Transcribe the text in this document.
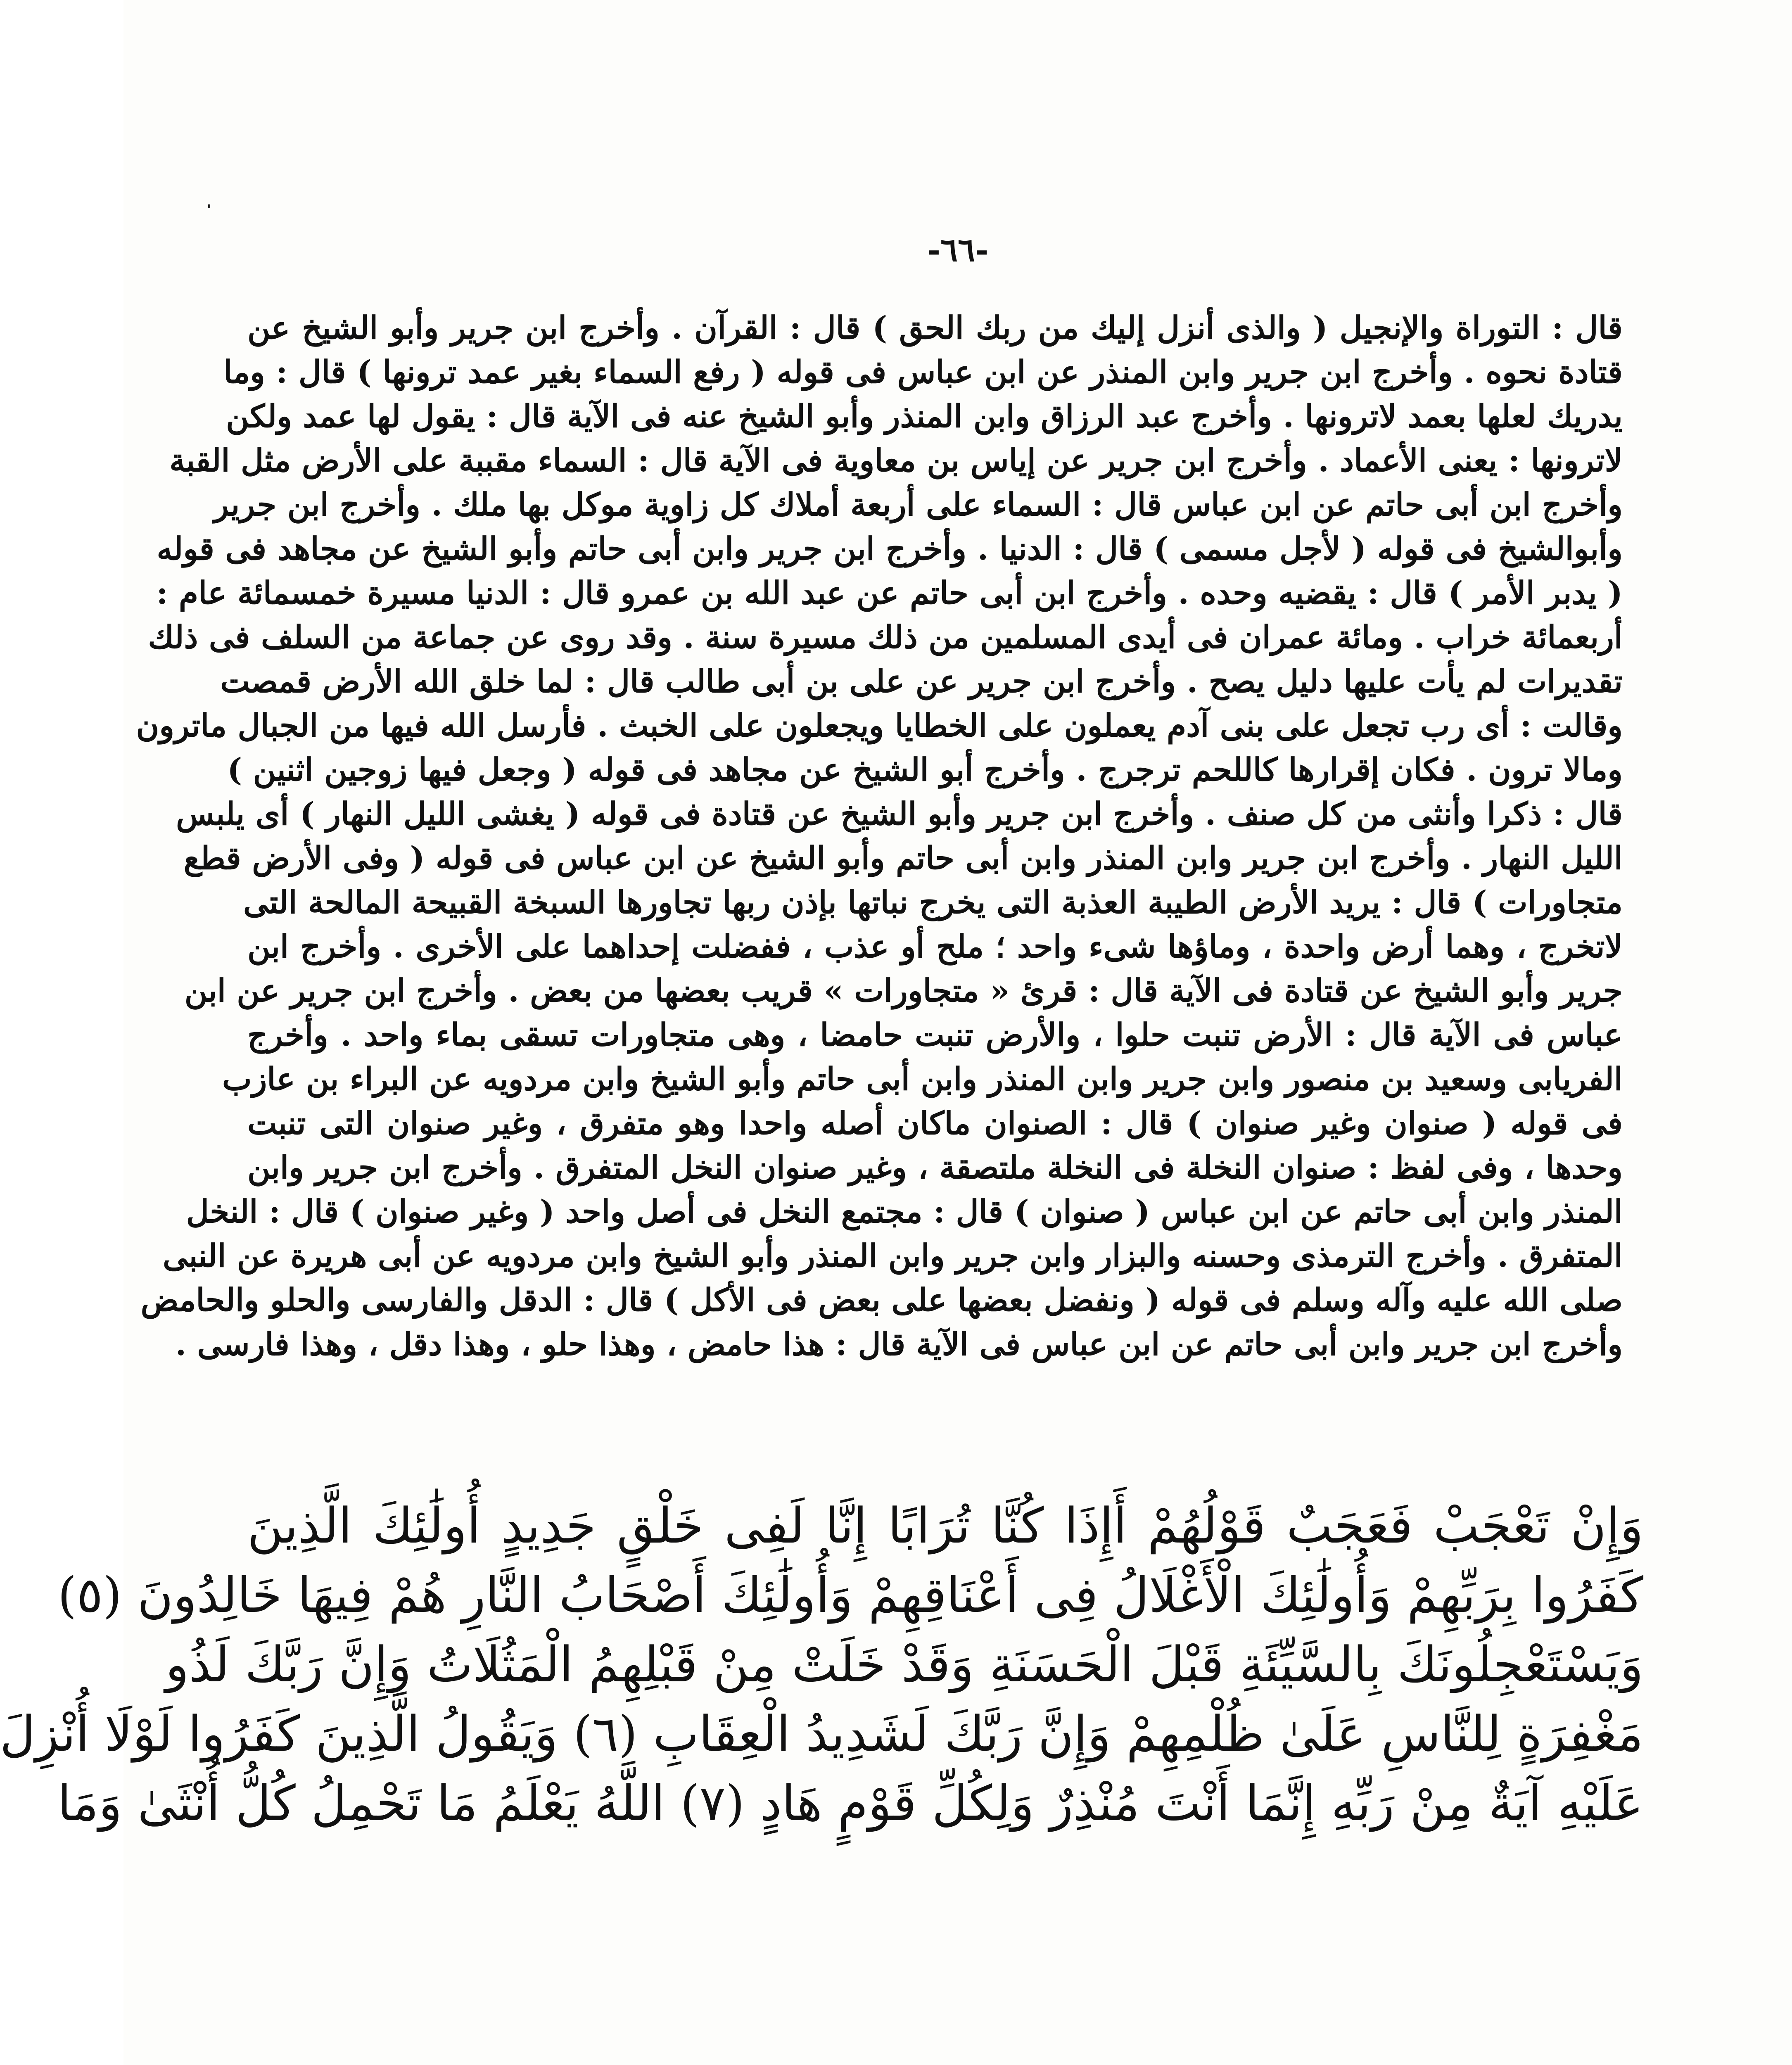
-٦٦-
قال : التوراة والإنجيل ( والذى أنزل إليك من ربك الحق ) قال : القرآن . وأخرج ابن جرير وأبو الشيخ عن
قتادة نحوه . وأخرج ابن جرير وابن المنذر عن ابن عباس فى قوله ( رفع السماء بغير عمد ترونها ) قال : وما
يدريك لعلها بعمد لاترونها . وأخرج عبد الرزاق وابن المنذر وأبو الشيخ عنه فى الآية قال : يقول لها عمد ولكن
لاترونها : يعنى الأعماد . وأخرج ابن جرير عن إياس بن معاوية فى الآية قال : السماء مقببة على الأرض مثل القبة
وأخرج ابن أبى حاتم عن ابن عباس قال : السماء على أربعة أملاك كل زاوية موكل بها ملك . وأخرج ابن جرير
وأبوالشيخ فى قوله ( لأجل مسمى ) قال : الدنيا . وأخرج ابن جرير وابن أبى حاتم وأبو الشيخ عن مجاهد فى قوله
( يدبر الأمر ) قال : يقضيه وحده . وأخرج ابن أبى حاتم عن عبد الله بن عمرو قال : الدنيا مسيرة خمسمائة عام :
أربعمائة خراب . ومائة عمران فى أيدى المسلمين من ذلك مسيرة سنة . وقد روى عن جماعة من السلف فى ذلك
تقديرات لم يأت عليها دليل يصح . وأخرج ابن جرير عن على بن أبى طالب قال : لما خلق الله الأرض قمصت
وقالت : أى رب تجعل على بنى آدم يعملون على الخطايا ويجعلون على الخبث . فأرسل الله فيها من الجبال ماترون
ومالا ترون . فكان إقرارها كاللحم ترجرج . وأخرج أبو الشيخ عن مجاهد فى قوله ( وجعل فيها زوجين اثنين )
قال : ذكرا وأنثى من كل صنف . وأخرج ابن جرير وأبو الشيخ عن قتادة فى قوله ( يغشى الليل النهار ) أى يلبس
الليل النهار . وأخرج ابن جرير وابن المنذر وابن أبى حاتم وأبو الشيخ عن ابن عباس فى قوله ( وفى الأرض قطع
متجاورات ) قال : يريد الأرض الطيبة العذبة التى يخرج نباتها بإذن ربها تجاورها السبخة القبيحة المالحة التى
لاتخرج ، وهما أرض واحدة ، وماؤها شىء واحد ؛ ملح أو عذب ، ففضلت إحداهما على الأخرى . وأخرج ابن
جرير وأبو الشيخ عن قتادة فى الآية قال : قرئ « متجاورات » قريب بعضها من بعض . وأخرج ابن جرير عن ابن
عباس فى الآية قال : الأرض تنبت حلوا ، والأرض تنبت حامضا ، وهى متجاورات تسقى بماء واحد . وأخرج
الفريابى وسعيد بن منصور وابن جرير وابن المنذر وابن أبى حاتم وأبو الشيخ وابن مردويه عن البراء بن عازب
فى قوله ( صنوان وغير صنوان ) قال : الصنوان ماكان أصله واحدا وهو متفرق ، وغير صنوان التى تنبت
وحدها ، وفى لفظ : صنوان النخلة فى النخلة ملتصقة ، وغير صنوان النخل المتفرق . وأخرج ابن جرير وابن
المنذر وابن أبى حاتم عن ابن عباس ( صنوان ) قال : مجتمع النخل فى أصل واحد ( وغير صنوان ) قال : النخل
المتفرق . وأخرج الترمذى وحسنه والبزار وابن جرير وابن المنذر وأبو الشيخ وابن مردويه عن أبى هريرة عن النبى
صلى الله عليه وآله وسلم فى قوله ( ونفضل بعضها على بعض فى الأكل ) قال : الدقل والفارسى والحلو والحامض
وأخرج ابن جرير وابن أبى حاتم عن ابن عباس فى الآية قال : هذا حامض ، وهذا حلو ، وهذا دقل ، وهذا فارسى .
وَإِنْ تَعْجَبْ فَعَجَبٌ قَوْلُهُمْ أَإِذَا كُنَّا تُرَابًا إِنَّا لَفِى خَلْقٍ جَدِيدٍ أُولَٰئِكَ الَّذِينَ
كَفَرُوا بِرَبِّهِمْ وَأُولَٰئِكَ الْأَغْلَالُ فِى أَعْنَاقِهِمْ وَأُولَٰئِكَ أَصْحَابُ النَّارِ هُمْ فِيهَا خَالِدُونَ (٥)
وَيَسْتَعْجِلُونَكَ بِالسَّيِّئَةِ قَبْلَ الْحَسَنَةِ وَقَدْ خَلَتْ مِنْ قَبْلِهِمُ الْمَثُلَاتُ وَإِنَّ رَبَّكَ لَذُو
مَغْفِرَةٍ لِلنَّاسِ عَلَىٰ ظُلْمِهِمْ وَإِنَّ رَبَّكَ لَشَدِيدُ الْعِقَابِ (٦) وَيَقُولُ الَّذِينَ كَفَرُوا لَوْلَا أُنْزِلَ
عَلَيْهِ آيَةٌ مِنْ رَبِّهِ إِنَّمَا أَنْتَ مُنْذِرٌ وَلِكُلِّ قَوْمٍ هَادٍ (٧) اللَّهُ يَعْلَمُ مَا تَحْمِلُ كُلُّ أُنْثَىٰ وَمَا
